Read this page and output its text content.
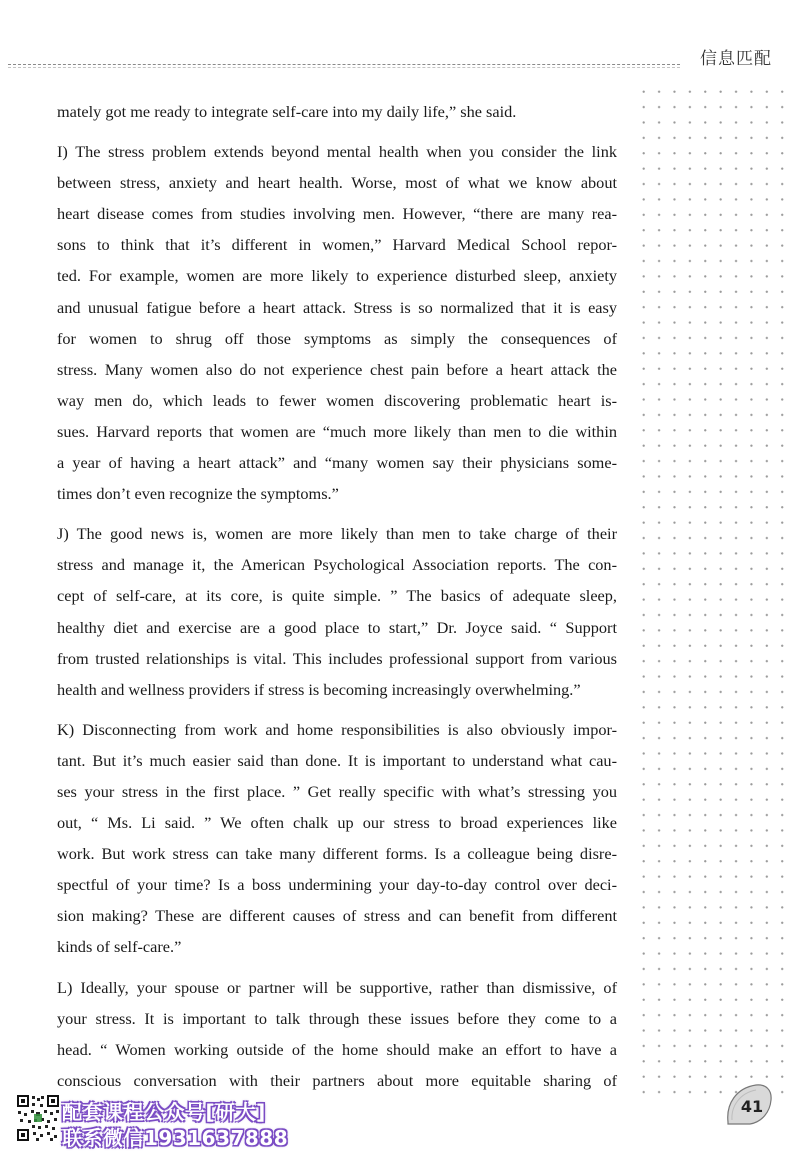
信息匹配
mately got me ready to integrate self-care into my daily life,” she said.
I) The stress problem extends beyond mental health when you consider the link
between stress, anxiety and heart health. Worse, most of what we know about
heart disease comes from studies involving men. However, “there are many rea-
sons to think that it’s different in women,” Harvard Medical School repor-
ted. For example, women are more likely to experience disturbed sleep, anxiety
and unusual fatigue before a heart attack. Stress is so normalized that it is easy
for women to shrug off those symptoms as simply the consequences of
stress. Many women also do not experience chest pain before a heart attack the
way men do, which leads to fewer women discovering problematic heart is-
sues. Harvard reports that women are “much more likely than men to die within
a year of having a heart attack” and “many women say their physicians some-
times don’t even recognize the symptoms.”
J) The good news is, women are more likely than men to take charge of their
stress and manage it, the American Psychological Association reports. The con-
cept of self-care, at its core, is quite simple. ” The basics of adequate sleep,
healthy diet and exercise are a good place to start,” Dr. Joyce said. “ Support
from trusted relationships is vital. This includes professional support from various
health and wellness providers if stress is becoming increasingly overwhelming.”
K) Disconnecting from work and home responsibilities is also obviously impor-
tant. But it’s much easier said than done. It is important to understand what cau-
ses your stress in the first place. ” Get really specific with what’s stressing you
out, “ Ms. Li said. ” We often chalk up our stress to broad experiences like
work. But work stress can take many different forms. Is a colleague being disre-
spectful of your time? Is a boss undermining your day-to-day control over deci-
sion making? These are different causes of stress and can benefit from different
kinds of self-care.”
L) Ideally, your spouse or partner will be supportive, rather than dismissive, of
your stress. It is important to talk through these issues before they come to a
head. “ Women working outside of the home should make an effort to have a
conscious conversation with their partners about more equitable sharing of
41
配套课程公众号[研大]
联系微信1931637888
